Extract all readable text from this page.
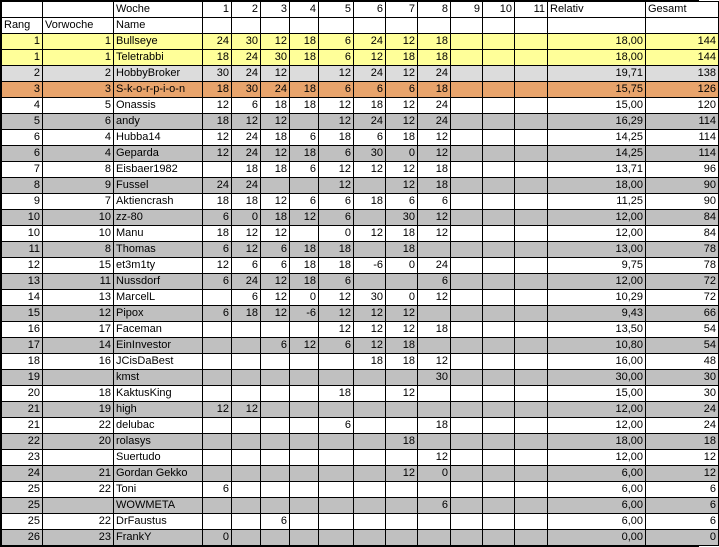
		Woche	1	2	3	4	5	6	7	8	9	10	11	Relativ	Gesamt
Rang	Vorwoche	Name													
1	1	Bullseye	24	30	12	18	6	24	12	18				18,00	144
1	1	Teletrabbi	18	24	30	18	6	12	18	18				18,00	144
2	2	HobbyBroker	30	24	12		12	24	12	24				19,71	138
3	3	S-k-o-r-p-i-o-n	18	30	24	18	6	6	6	18				15,75	126
4	5	Onassis	12	6	18	18	12	18	12	24				15,00	120
5	6	andy	18	12	12		12	24	12	24				16,29	114
6	4	Hubba14	12	24	18	6	18	6	18	12				14,25	114
6	4	Geparda	12	24	12	18	6	30	0	12				14,25	114
7	8	Eisbaer1982		18	18	6	12	12	12	18				13,71	96
8	9	Fussel	24	24			12		12	18				18,00	90
9	7	Aktiencrash	18	18	12	6	6	18	6	6				11,25	90
10	10	zz-80	6	0	18	12	6		30	12				12,00	84
10	10	Manu	18	12	12		0	12	18	12				12,00	84
11	8	Thomas	6	12	6	18	18		18					13,00	78
12	15	et3m1ty	12	6	6	18	18	-6	0	24				9,75	78
13	11	Nussdorf	6	24	12	18	6			6				12,00	72
14	13	MarcelL		6	12	0	12	30	0	12				10,29	72
15	12	Pipox	6	18	12	-6	12	12	12					9,43	66
16	17	Faceman					12	12	12	18				13,50	54
17	14	EinInvestor			6	12	6	12	18					10,80	54
18	16	JCisDaBest						18	18	12				16,00	48
19		kmst								30				30,00	30
20	18	KaktusKing					18		12					15,00	30
21	19	high	12	12										12,00	24
21	22	delubac					6			18				12,00	24
22	20	rolasys							18					18,00	18
23		Suertudo								12				12,00	12
24	21	Gordan Gekko							12	0				6,00	12
25	22	Toni	6											6,00	6
25		WOWMETA								6				6,00	6
25	22	DrFaustus			6									6,00	6
26	23	FrankY	0											0,00	0
